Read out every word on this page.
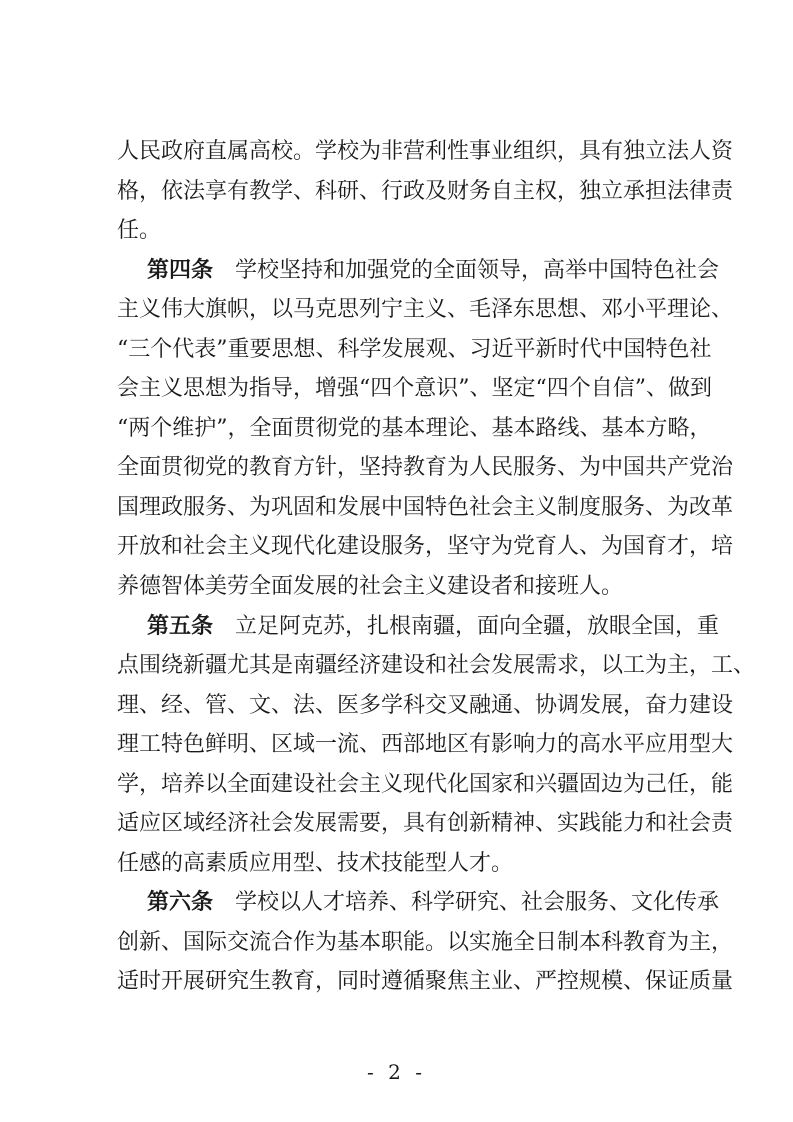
人民政府直属高校。学校为非营利性事业组织，具有独立法人资
格，依法享有教学、科研、行政及财务自主权，独立承担法律责
任。
第四条 学校坚持和加强党的全面领导，高举中国特色社会
主义伟大旗帜，以马克思列宁主义、毛泽东思想、邓小平理论、
“三个代表”重要思想、科学发展观、习近平新时代中国特色社
会主义思想为指导，增强“四个意识”、坚定“四个自信”、做到
“两个维护”，全面贯彻党的基本理论、基本路线、基本方略，
全面贯彻党的教育方针，坚持教育为人民服务、为中国共产党治
国理政服务、为巩固和发展中国特色社会主义制度服务、为改革
开放和社会主义现代化建设服务，坚守为党育人、为国育才，培
养德智体美劳全面发展的社会主义建设者和接班人。
第五条 立足阿克苏，扎根南疆，面向全疆，放眼全国，重
点围绕新疆尤其是南疆经济建设和社会发展需求，以工为主，工、
理、经、管、文、法、医多学科交叉融通、协调发展，奋力建设
理工特色鲜明、区域一流、西部地区有影响力的高水平应用型大
学，培养以全面建设社会主义现代化国家和兴疆固边为己任，能
适应区域经济社会发展需要，具有创新精神、实践能力和社会责
任感的高素质应用型、技术技能型人才。
第六条 学校以人才培养、科学研究、社会服务、文化传承
创新、国际交流合作为基本职能。以实施全日制本科教育为主，
适时开展研究生教育，同时遵循聚焦主业、严控规模、保证质量
- 2 -
